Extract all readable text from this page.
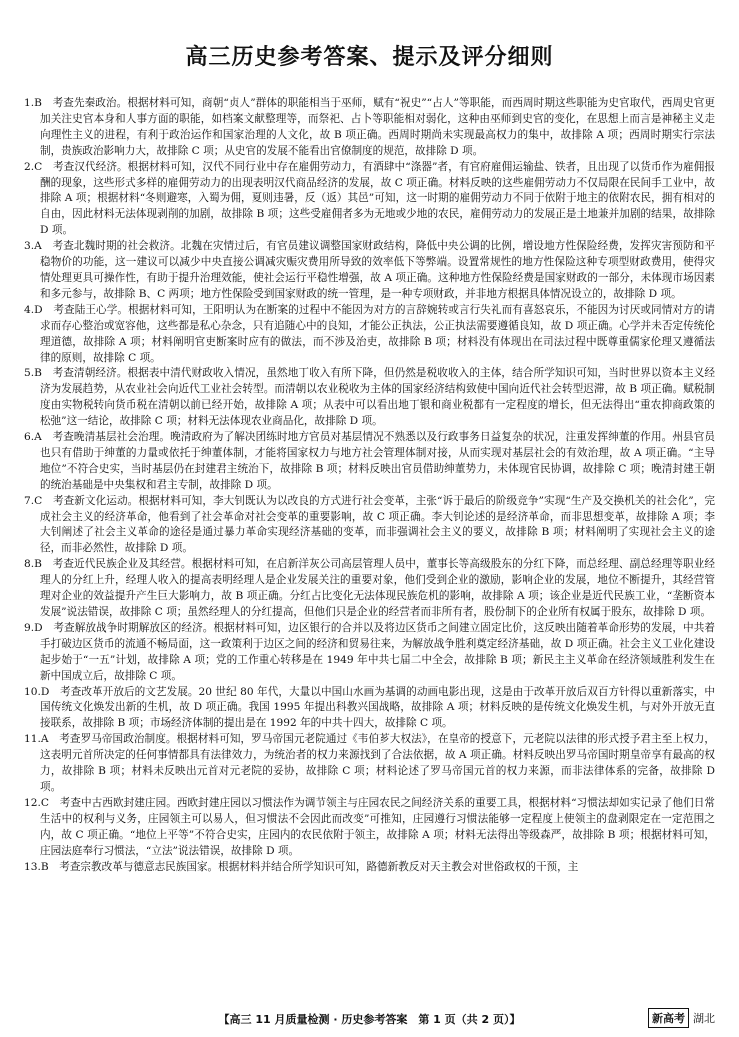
高三历史参考答案、提示及评分细则

1.B　考查先秦政治。根据材料可知，商朝“贞人”群体的职能相当于巫师，赋有“祝史”“占人”等职能，而西周时期这些职能为史官取代，西周史官更加关注史官本身和人事方面的职能，如档案文献整理等，而祭祀、占卜等职能相对弱化，这种由巫师到史官的变化，在思想上而言是神秘主义走向理性主义的进程，有利于政治运作和国家治理的人文化，故 B 项正确。西周时期尚未实现最高权力的集中，故排除 A 项；西周时期实行宗法制，贵族政治影响力大，故排除 C 项；从史官的发展不能看出官僚制度的规范，故排除 D 项。

2.C　考查汉代经济。根据材料可知，汉代不同行业中存在雇佣劳动力，有酒肆中“涤器”者，有官府雇佣运输盐、铁者，且出现了以货币作为雇佣报酬的现象，这些形式多样的雇佣劳动力的出现表明汉代商品经济的发展，故 C 项正确。材料反映的这些雇佣劳动力不仅局限在民间手工业中，故排除 A 项；根据材料“冬则避寒，入蜀为佣，夏则违暑，反（返）其邑”可知，这一时期的雇佣劳动力不同于依附于地主的依附农民，拥有相对的自由，因此材料无法体现剥削的加剧，故排除 B 项；这些受雇佣者多为无地或少地的农民，雇佣劳动力的发展正是土地兼并加剧的结果，故排除 D 项。

3.A　考查北魏时期的社会救济。北魏在灾情过后，有官员建议调整国家财政结构，降低中央公调的比例，增设地方性保险经费，发挥灾害预防和平稳物价的功能，这一建议可以减少中央直接公调减灾赈灾费用所导致的效率低下等弊端。设置常规性的地方性保险这种专项型财政费用，使得灾情处理更具可操作性，有助于提升治理效能，使社会运行平稳性增强，故 A 项正确。这种地方性保险经费是国家财政的一部分，未体现市场因素和多元参与，故排除 B、C 两项；地方性保险受到国家财政的统一管理，是一种专项财政，并非地方根据具体情况设立的，故排除 D 项。

4.D　考查陆王心学。根据材料可知，王阳明认为在断案的过程中不能因为对方的言辞婉转或言行失礼而有喜怒哀乐，不能因为讨厌或同情对方的请求而存心整治或宽容他，这些都是私心杂念，只有追随心中的良知，才能公正执法，公正执法需要遵循良知，故 D 项正确。心学并未否定传统伦理道德，故排除 A 项；材料阐明官吏断案时应有的做法，而不涉及治吏，故排除 B 项；材料没有体现出在司法过程中既尊重儒家伦理又遵循法律的原则，故排除 C 项。

5.B　考查清朝经济。根据表中清代财政收入情况，虽然地丁收入有所下降，但仍然是税收收入的主体，结合所学知识可知，当时世界以资本主义经济为发展趋势，从农业社会向近代工业社会转型。而清朝以农业税收为主体的国家经济结构致使中国向近代社会转型迟滞，故 B 项正确。赋税制度由实物税转向货币税在清朝以前已经开始，故排除 A 项；从表中可以看出地丁银和商业税都有一定程度的增长，但无法得出“重农抑商政策的松弛”这一结论，故排除 C 项；材料无法体现农业商品化，故排除 D 项。

6.A　考查晚清基层社会治理。晚清政府为了解决团练时地方官员对基层情况不熟悉以及行政事务日益复杂的状况，注重发挥绅董的作用。州县官员也只有借助于绅董的力量或依托于绅董体制，才能将国家权力与地方社会管理体制对接，从而实现对基层社会的有效治理，故 A 项正确。“主导地位”不符合史实，当时基层仍在封建君主统治下，故排除 B 项；材料反映出官员借助绅董势力，未体现官民协调，故排除 C 项；晚清封建王朝的统治基础是中央集权和君主专制，故排除 D 项。

7.C　考查新文化运动。根据材料可知，李大钊既认为以改良的方式进行社会变革，主张“诉于最后的阶级竞争”实现“生产及交换机关的社会化”，完成社会主义的经济革命，他看到了社会革命对社会变革的重要影响，故 C 项正确。李大钊论述的是经济革命，而非思想变革，故排除 A 项；李大钊阐述了社会主义革命的途径是通过暴力革命实现经济基础的变革，而非强调社会主义的要义，故排除 B 项；材料阐明了实现社会主义的途径，而非必然性，故排除 D 项。

8.B　考查近代民族企业及其经营。根据材料可知，在启新洋灰公司高层管理人员中，董事长等高级股东的分红下降，而总经理、副总经理等职业经理人的分红上升，经理人收入的提高表明经理人是企业发展关注的重要对象，他们受到企业的激励，影响企业的发展，地位不断提升，其经营管理对企业的效益提升产生巨大影响力，故 B 项正确。分红占比变化无法体现民族危机的影响，故排除 A 项；该企业是近代民族工业，“垄断资本发展”说法错误，故排除 C 项；虽然经理人的分红提高，但他们只是企业的经营者而非所有者，股份制下的企业所有权属于股东，故排除 D 项。

9.D　考查解放战争时期解放区的经济。根据材料可知，边区银行的合并以及将边区货币之间建立固定比价，这反映出随着革命形势的发展，中共着手打破边区货币的流通不畅局面，这一政策利于边区之间的经济和贸易往来，为解放战争胜利奠定经济基础，故 D 项正确。社会主义工业化建设起步始于“一五”计划，故排除 A 项；党的工作重心转移是在 1949 年中共七届二中全会，故排除 B 项；新民主主义革命在经济领域胜利发生在新中国成立后，故排除 C 项。

10.D　考查改革开放后的文艺发展。20 世纪 80 年代，大量以中国山水画为基调的动画电影出现，这是由于改革开放后双百方针得以重新落实，中国传统文化焕发出新的生机，故 D 项正确。我国 1995 年提出科教兴国战略，故排除 A 项；材料反映的是传统文化焕发生机，与对外开放无直接联系，故排除 B 项；市场经济体制的提出是在 1992 年的中共十四大，故排除 C 项。

11.A　考查罗马帝国政治制度。根据材料可知，罗马帝国元老院通过《韦伯芗大权法》，在皇帝的授意下，元老院以法律的形式授予君主至上权力，这表明元首所决定的任何事情都具有法律效力，为统治者的权力来源找到了合法依据，故 A 项正确。材料反映出罗马帝国时期皇帝享有最高的权力，故排除 B 项；材料未反映出元首对元老院的妥协，故排除 C 项；材料论述了罗马帝国元首的权力来源，而非法律体系的完备，故排除 D 项。

12.C　考查中古西欧封建庄园。西欧封建庄园以习惯法作为调节领主与庄园农民之间经济关系的重要工具，根据材料“习惯法却如实记录了他们日常生活中的权利与义务，庄园领主可以易人，但习惯法不会因此而改变”可推知，庄园遵行习惯法能够一定程度上使领主的盘剥限定在一定范围之内，故 C 项正确。“地位上平等”不符合史实，庄园内的农民依附于领主，故排除 A 项；材料无法得出等级森严，故排除 B 项；根据材料可知，庄园法庭奉行习惯法，“立法”说法错误，故排除 D 项。

13.B　考查宗教改革与德意志民族国家。根据材料并结合所学知识可知，路德新教反对天主教会对世俗政权的干预，主

【高三 11 月质量检测 · 历史参考答案　第 1 页（共 2 页）】	新高考 湖北
